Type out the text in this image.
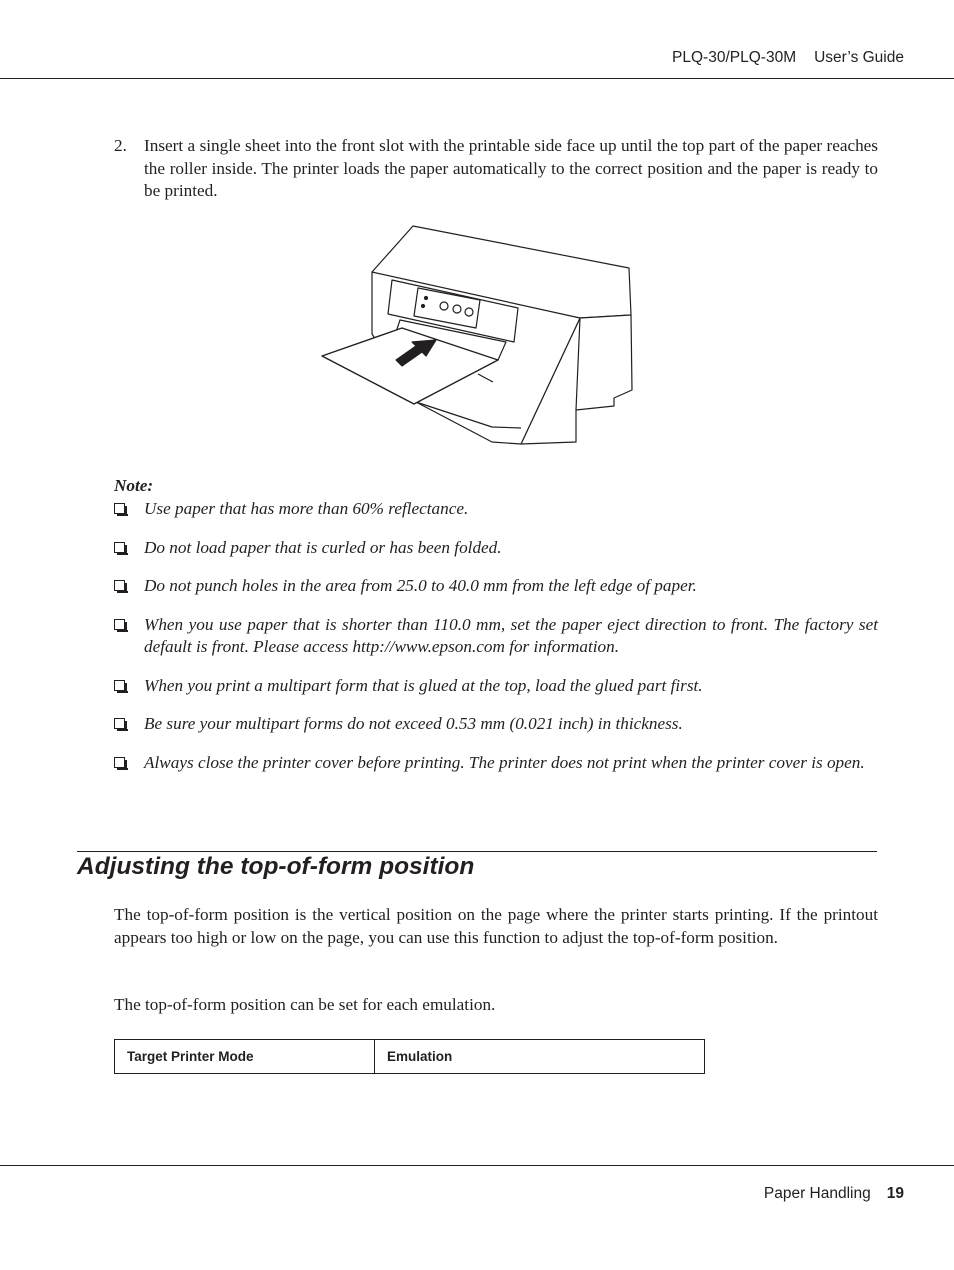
PLQ-30/PLQ-30M User’s Guide
2. Insert a single sheet into the front slot with the printable side face up until the top part of the paper reaches the roller inside. The printer loads the paper automatically to the correct position and the paper is ready to be printed.
Note:
Use paper that has more than 60% reflectance.
Do not load paper that is curled or has been folded.
Do not punch holes in the area from 25.0 to 40.0 mm from the left edge of paper.
When you use paper that is shorter than 110.0 mm, set the paper eject direction to front. The factory set default is front. Please access http://www.epson.com for information.
When you print a multipart form that is glued at the top, load the glued part first.
Be sure your multipart forms do not exceed 0.53 mm (0.021 inch) in thickness.
Always close the printer cover before printing. The printer does not print when the printer cover is open.
Adjusting the top-of-form position
The top-of-form position is the vertical position on the page where the printer starts printing. If the printout appears too high or low on the page, you can use this function to adjust the top-of-form position.
The top-of-form position can be set for each emulation.
Target Printer Mode	Emulation
Paper Handling 19
